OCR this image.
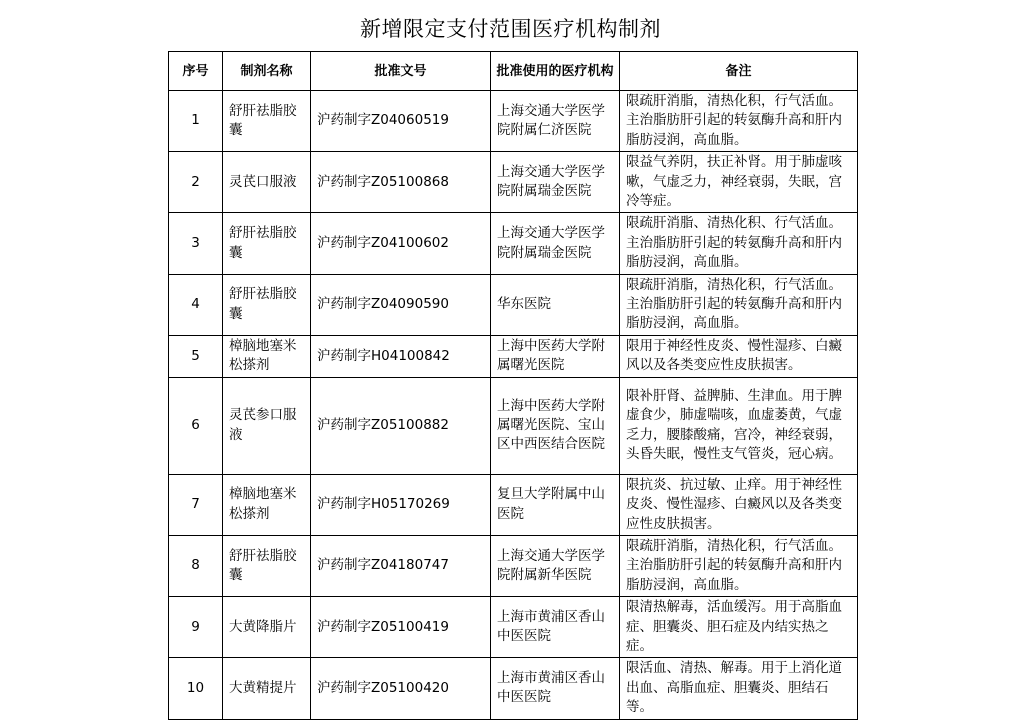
新增限定支付范围医疗机构制剂
序号	制剂名称	批准文号	批准使用的医疗机构	备注
1	舒肝祛脂胶囊	沪药制字Z04060519	上海交通大学医学院附属仁济医院	限疏肝消脂，清热化积，行气活血。主治脂肪肝引起的转氨酶升高和肝内脂肪浸润，高血脂。
2	灵芪口服液	沪药制字Z05100868	上海交通大学医学院附属瑞金医院	限益气养阴，扶正补肾。用于肺虚咳嗽，气虚乏力，神经衰弱，失眠，宫冷等症。
3	舒肝祛脂胶囊	沪药制字Z04100602	上海交通大学医学院附属瑞金医院	限疏肝消脂、清热化积、行气活血。主治脂肪肝引起的转氨酶升高和肝内脂肪浸润，高血脂。
4	舒肝祛脂胶囊	沪药制字Z04090590	华东医院	限疏肝消脂，清热化积，行气活血。主治脂肪肝引起的转氨酶升高和肝内脂肪浸润，高血脂。
5	樟脑地塞米松搽剂	沪药制字H04100842	上海中医药大学附属曙光医院	限用于神经性皮炎、慢性湿疹、白癜风以及各类变应性皮肤损害。
6	灵芪参口服液	沪药制字Z05100882	上海中医药大学附属曙光医院、宝山区中西医结合医院	限补肝肾、益脾肺、生津血。用于脾虚食少，肺虚喘咳，血虚萎黄，气虚乏力，腰膝酸痛，宫冷，神经衰弱，头昏失眠，慢性支气管炎，冠心病。
7	樟脑地塞米松搽剂	沪药制字H05170269	复旦大学附属中山医院	限抗炎、抗过敏、止痒。用于神经性皮炎、慢性湿疹、白癜风以及各类变应性皮肤损害。
8	舒肝祛脂胶囊	沪药制字Z04180747	上海交通大学医学院附属新华医院	限疏肝消脂，清热化积，行气活血。主治脂肪肝引起的转氨酶升高和肝内脂肪浸润，高血脂。
9	大黄降脂片	沪药制字Z05100419	上海市黄浦区香山中医医院	限清热解毒，活血缓泻。用于高脂血症、胆囊炎、胆石症及内结实热之症。
10	大黄精提片	沪药制字Z05100420	上海市黄浦区香山中医医院	限活血、清热、解毒。用于上消化道出血、高脂血症、胆囊炎、胆结石等。
